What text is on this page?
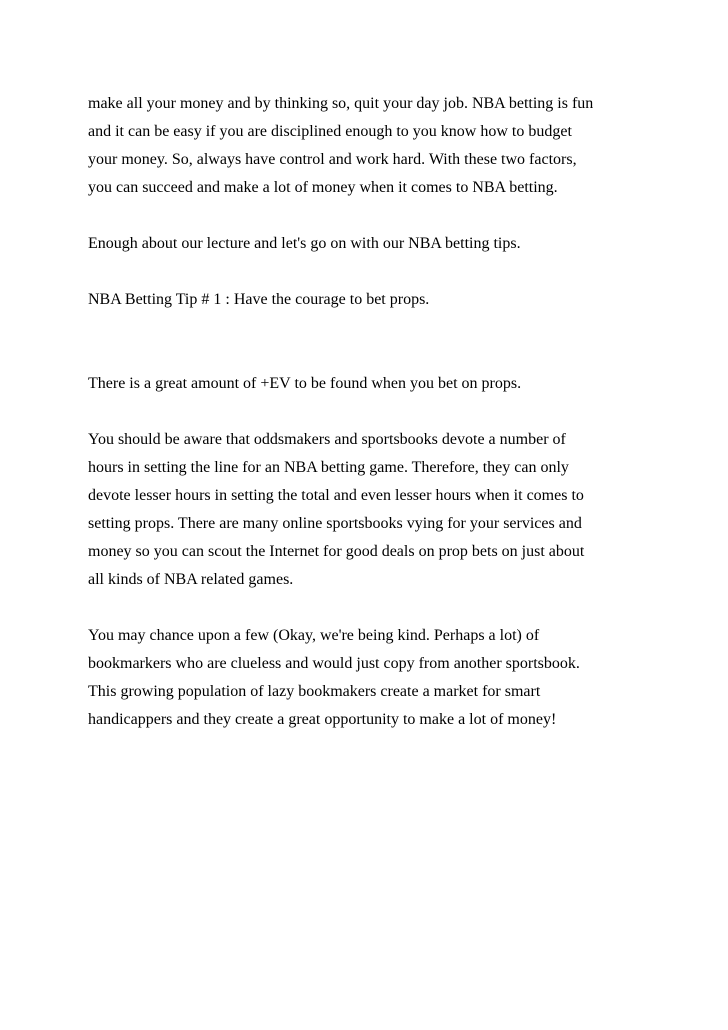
make all your money and by thinking so, quit your day job. NBA betting is fun
and it can be easy if you are disciplined enough to you know how to budget
your money. So, always have control and work hard. With these two factors,
you can succeed and make a lot of money when it comes to NBA betting.

Enough about our lecture and let's go on with our NBA betting tips.

NBA Betting Tip # 1 : Have the courage to bet props.

There is a great amount of +EV to be found when you bet on props.

You should be aware that oddsmakers and sportsbooks devote a number of
hours in setting the line for an NBA betting game. Therefore, they can only
devote lesser hours in setting the total and even lesser hours when it comes to
setting props. There are many online sportsbooks vying for your services and
money so you can scout the Internet for good deals on prop bets on just about
all kinds of NBA related games.

You may chance upon a few (Okay, we're being kind. Perhaps a lot) of
bookmarkers who are clueless and would just copy from another sportsbook.
This growing population of lazy bookmakers create a market for smart
handicappers and they create a great opportunity to make a lot of money!
